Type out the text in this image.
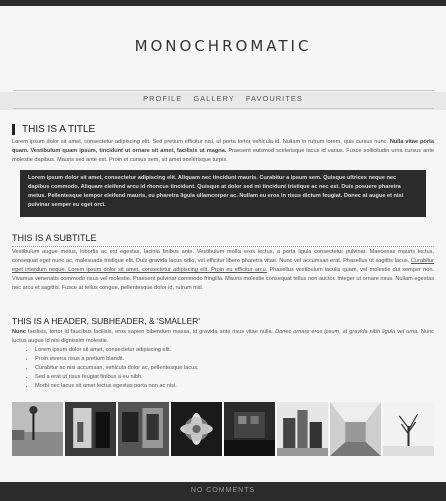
MONOCHROMATIC
PROFILE GALLERY FAVOURITES
THIS IS A TITLE

Lorem ipsum dolor sit amet, consectetur adipiscing elit. Sed pretium efficitur nisl, ut porta tortor vehicula id. Nullam in rutrum lorem, quis cursus nunc. Nulla vitae porta quam. Vestibulum quam ipsum, tincidunt ut ornare sit amet, facilisis ut magna. Praesent euismod scelerisque lacus id varius. Fusce sollicitudin urna cursus ante molestie dapibus. Mauris sed ante est. Proin et cursus sem, sit amet scelerisque turpis.

Lorem ipsum dolor sit amet, consectetur adipiscing elit. Aliquam nec tincidunt mauris. Curabitur a ipsum sem. Quisque ultrices neque nec dapibus commodo. Aliquam eleifend arcu id rhoncus tincidunt. Quisque at dolor sed mi tincidunt tristique ac nec est. Duis posuere pharetra metus. Pellentesque tempor eleifend mauris, eu pharetra ligula ullamcorper ac. Nullam eu eros in risus dictum feugiat. Donec at augue et nisi pulvinar semper eu eget orci.
THIS IS A SUBTITLE

Vestibulum augue metus, lobortis ac est egestas, lacinia finibus ante. Vestibulum mollis eros lectus, a porta ligula consectetur pulvinar. Maecenas mauris lectus, consequat eget nunc ac, malesuada tristique elit. Duis gravida lacus odio, vel efficitur libero pharetra vitae. Nunc vel accumsan erat. Phasellus ut sagittis lacus. Curabitur eget interdum neque. Lorem ipsum dolor sit amet, consectetur adipiscing elit. Proin eu efficitur arcu. Phasellus vestibulum iaculis quam, vel molestie dui semper non. Vivamus venenatis commodo risus vel molestie. Praesent pulvinar commodo fringilla. Mauris molestie consequat tellus non auctor. Integer ut ornare risus. Nullam egestas nec arcu et sagittis. Fusce at tellus congue, pellentesque dolor id, rutrum nisl.

THIS IS A HEADER, SUBHEADER, & 'SMALLER'

Nunc facilisis, tortor id faucibus facilisis, eros sapien bibendum massa, id gravida ante risus vitae nulla. Donec ornare eros ipsum, at gravida nibh ligula vel urna. Nunc luctus augue id nisi dignissim molestie.

• Lorem ipsum dolor sit amet, consectetur adipiscing elit.
• Proin viverra risus a pretium blandit.
• Curabitur ac nisi accumsan, vehicula dolor ac, pellentesque lacus.
• Sed a erat ut risus feugiat finibus a eu nibh.
• Morbi nec lacus sit amet lectus egestas porta non ac nisi.
NO COMMENTS
